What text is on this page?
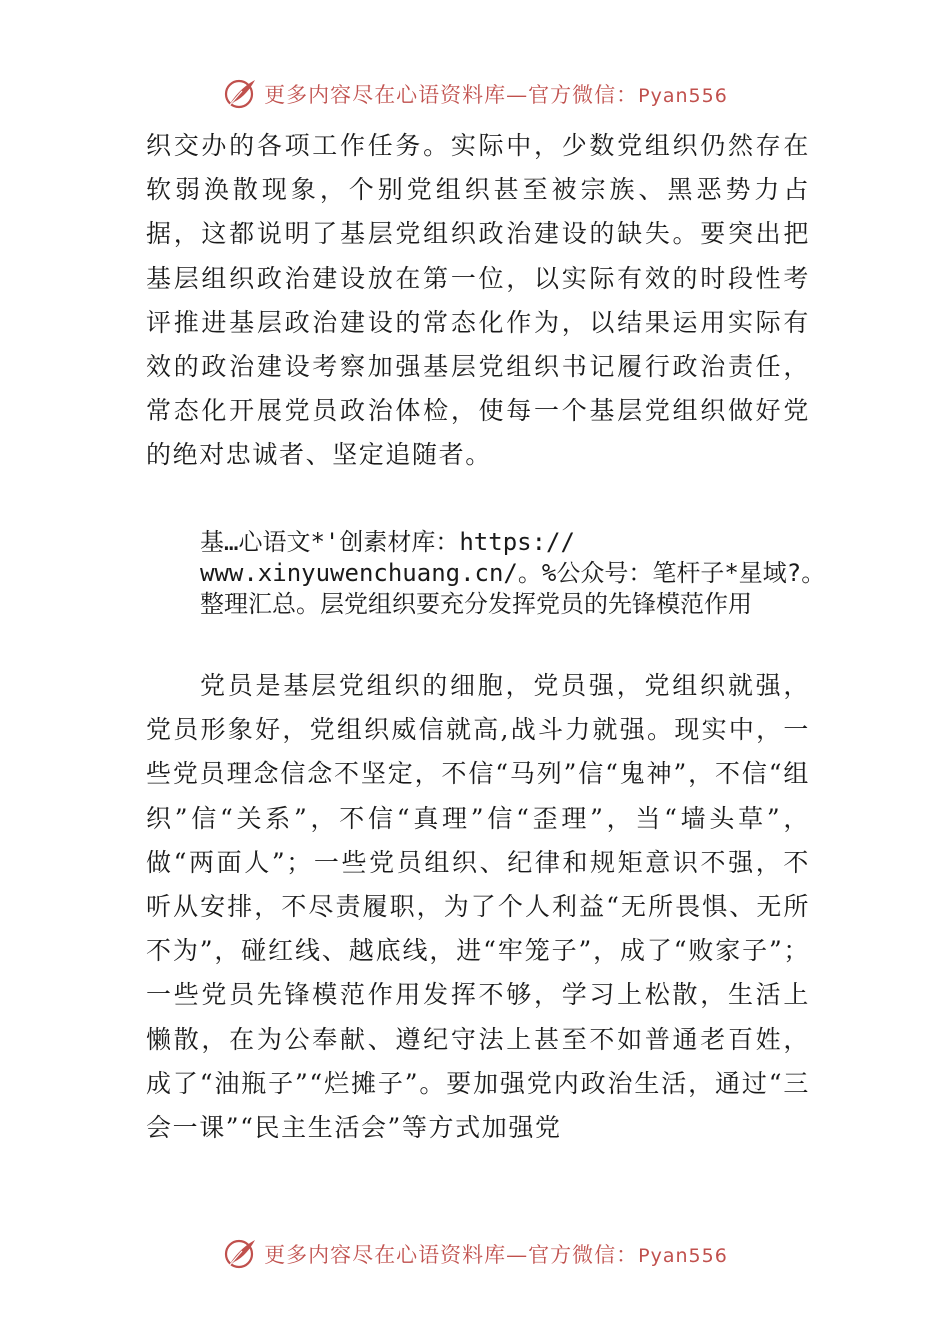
更多内容尽在心语资料库—官方微信：Pyan556

织交办的各项工作任务。实际中，少数党组织仍然存在软弱涣散现象，个别党组织甚至被宗族、黑恶势力占据，这都说明了基层党组织政治建设的缺失。要突出把基层组织政治建设放在第一位，以实际有效的时段性考评推进基层政治建设的常态化作为，以结果运用实际有效的政治建设考察加强基层党组织书记履行政治责任，常态化开展党员政治体检，使每一个基层党组织做好党的绝对忠诚者、坚定追随者。

基…心语文*'创素材库：https://
www.xinyuwenchuang.cn/。%公众号：笔杆子*星域?。
整理汇总。层党组织要充分发挥党员的先锋模范作用

党员是基层党组织的细胞，党员强，党组织就强，党员形象好，党组织威信就高,战斗力就强。现实中，一些党员理念信念不坚定，不信“马列”信“鬼神”，不信“组织”信“关系”，不信“真理”信“歪理”，当“墙头草”，做“两面人”；一些党员组织、纪律和规矩意识不强，不听从安排，不尽责履职，为了个人利益“无所畏惧、无所不为”，碰红线、越底线，进“牢笼子”，成了“败家子”；一些党员先锋模范作用发挥不够，学习上松散，生活上懒散，在为公奉献、遵纪守法上甚至不如普通老百姓，成了“油瓶子”“烂摊子”。要加强党内政治生活，通过“三会一课”“民主生活会”等方式加强党

更多内容尽在心语资料库—官方微信：Pyan556
